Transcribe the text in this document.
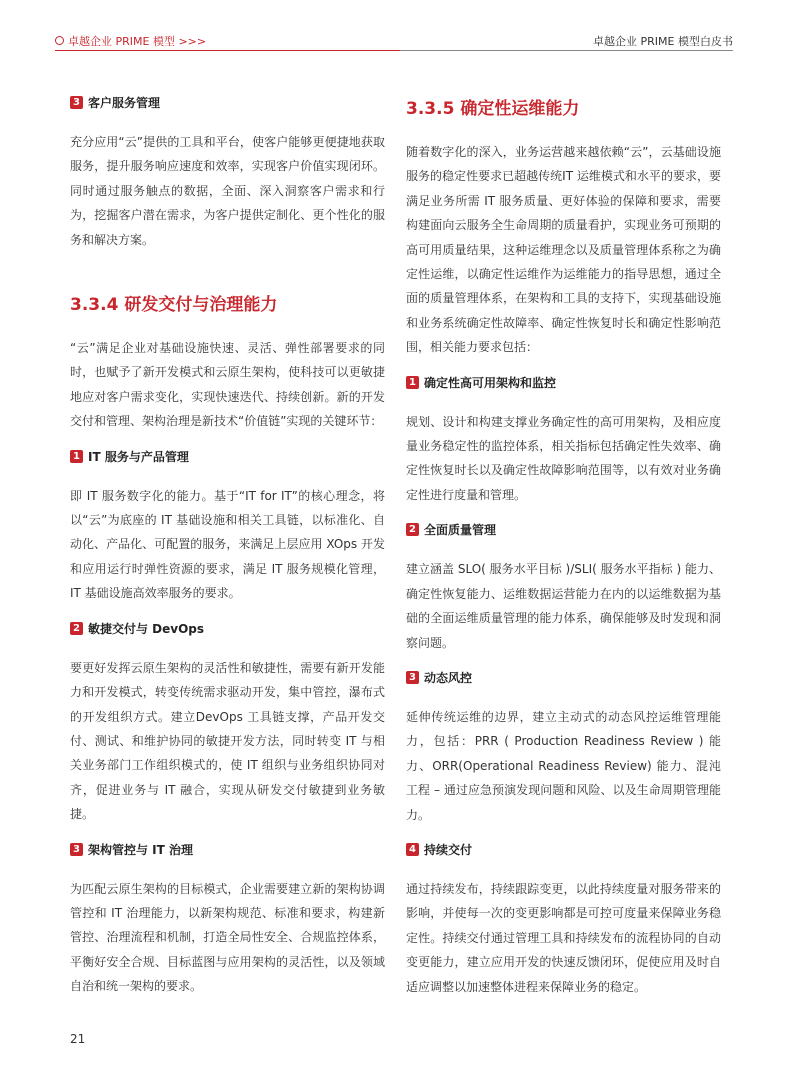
卓越企业 PRIME 模型 >>>	卓越企业 PRIME 模型白皮书
3 客户服务管理

充分应用“云”提供的工具和平台，使客户能够更便捷地获取服务，提升服务响应速度和效率，实现客户价值实现闭环。同时通过服务触点的数据，全面、深入洞察客户需求和行为，挖掘客户潜在需求，为客户提供定制化、更个性化的服务和解决方案。

3.3.4 研发交付与治理能力

“云”满足企业对基础设施快速、灵活、弹性部署要求的同时，也赋予了新开发模式和云原生架构，使科技可以更敏捷地应对客户需求变化，实现快速迭代、持续创新。新的开发交付和管理、架构治理是新技术“价值链”实现的关键环节：

1 IT 服务与产品管理

即 IT 服务数字化的能力。基于“IT for IT”的核心理念，将以“云”为底座的 IT 基础设施和相关工具链，以标准化、自动化、产品化、可配置的服务，来满足上层应用 XOps 开发和应用运行时弹性资源的要求，满足 IT 服务规模化管理， IT 基础设施高效率服务的要求。

2 敏捷交付与 DevOps

要更好发挥云原生架构的灵活性和敏捷性，需要有新开发能力和开发模式，转变传统需求驱动开发，集中管控，瀑布式的开发组织方式。建立DevOps 工具链支撑，产品开发交付、测试、和维护协同的敏捷开发方法，同时转变 IT 与相关业务部门工作组织模式的，使 IT 组织与业务组织协同对齐，促进业务与 IT 融合，实现从研发交付敏捷到业务敏捷。

3 架构管控与 IT 治理

为匹配云原生架构的目标模式，企业需要建立新的架构协调管控和 IT 治理能力，以新架构规范、标准和要求，构建新管控、治理流程和机制，打造全局性安全、合规监控体系，平衡好安全合规、目标蓝图与应用架构的灵活性，以及领域自治和统一架构的要求。

3.3.5 确定性运维能力

随着数字化的深入，业务运营越来越依赖“云”，云基础设施服务的稳定性要求已超越传统IT 运维模式和水平的要求，要满足业务所需 IT 服务质量、更好体验的保障和要求，需要构建面向云服务全生命周期的质量看护，实现业务可预期的高可用质量结果，这种运维理念以及质量管理体系称之为确定性运维，以确定性运维作为运维能力的指导思想，通过全面的质量管理体系，在架构和工具的支持下，实现基础设施和业务系统确定性故障率、确定性恢复时长和确定性影响范围，相关能力要求包括：

1 确定性高可用架构和监控

规划、设计和构建支撑业务确定性的高可用架构，及相应度量业务稳定性的监控体系，相关指标包括确定性失效率、确定性恢复时长以及确定性故障影响范围等，以有效对业务确定性进行度量和管理。

2 全面质量管理

建立涵盖 SLO( 服务水平目标 )/SLI( 服务水平指标 ) 能力、确定性恢复能力、运维数据运营能力在内的以运维数据为基础的全面运维质量管理的能力体系，确保能够及时发现和洞察问题。

3 动态风控

延伸传统运维的边界，建立主动式的动态风控运维管理能力，包括：PRR ( Production Readiness Review ) 能 力、ORR(Operational Readiness Review) 能力、混沌工程 – 通过应急预演发现问题和风险、以及生命周期管理能力。

4 持续交付

通过持续发布，持续跟踪变更，以此持续度量对服务带来的影响，并使每一次的变更影响都是可控可度量来保障业务稳定性。持续交付通过管理工具和持续发布的流程协同的自动变更能力，建立应用开发的快速反馈闭环，促使应用及时自适应调整以加速整体进程来保障业务的稳定。

21
